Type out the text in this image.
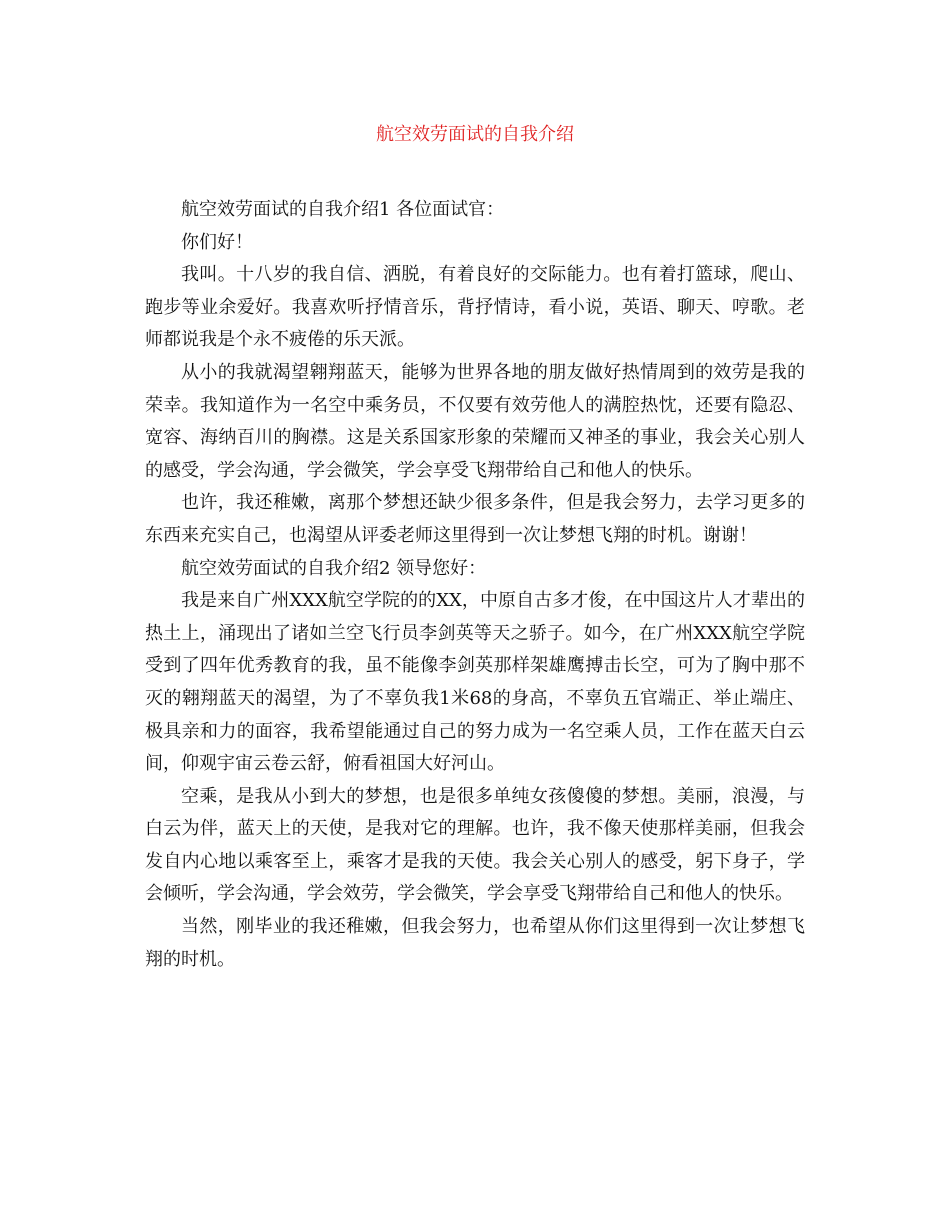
航空效劳面试的自我介绍

航空效劳面试的自我介绍1 各位面试官：

你们好！

我叫。十八岁的我自信、洒脱，有着良好的交际能力。也有着打篮球，爬山、跑步等业余爱好。我喜欢听抒情音乐，背抒情诗，看小说，英语、聊天、哼歌。老师都说我是个永不疲倦的乐天派。

从小的我就渴望翱翔蓝天，能够为世界各地的朋友做好热情周到的效劳是我的荣幸。我知道作为一名空中乘务员，不仅要有效劳他人的满腔热忱，还要有隐忍、宽容、海纳百川的胸襟。这是关系国家形象的荣耀而又神圣的事业，我会关心别人的感受，学会沟通，学会微笑，学会享受飞翔带给自己和他人的快乐。

也许，我还稚嫩，离那个梦想还缺少很多条件，但是我会努力，去学习更多的东西来充实自己，也渴望从评委老师这里得到一次让梦想飞翔的时机。谢谢！

航空效劳面试的自我介绍2 领导您好：

我是来自广州XXX航空学院的的XX，中原自古多才俊，在中国这片人才辈出的热土上，涌现出了诸如兰空飞行员李剑英等天之骄子。如今，在广州XXX航空学院受到了四年优秀教育的我，虽不能像李剑英那样架雄鹰搏击长空，可为了胸中那不灭的翱翔蓝天的渴望，为了不辜负我1米68的身高，不辜负五官端正、举止端庄、极具亲和力的面容，我希望能通过自己的努力成为一名空乘人员，工作在蓝天白云间，仰观宇宙云卷云舒，俯看祖国大好河山。

空乘，是我从小到大的梦想，也是很多单纯女孩傻傻的梦想。美丽，浪漫，与白云为伴，蓝天上的天使，是我对它的理解。也许，我不像天使那样美丽，但我会发自内心地以乘客至上，乘客才是我的天使。我会关心别人的感受，躬下身子，学会倾听，学会沟通，学会效劳，学会微笑，学会享受飞翔带给自己和他人的快乐。

当然，刚毕业的我还稚嫩，但我会努力，也希望从你们这里得到一次让梦想飞翔的时机。
